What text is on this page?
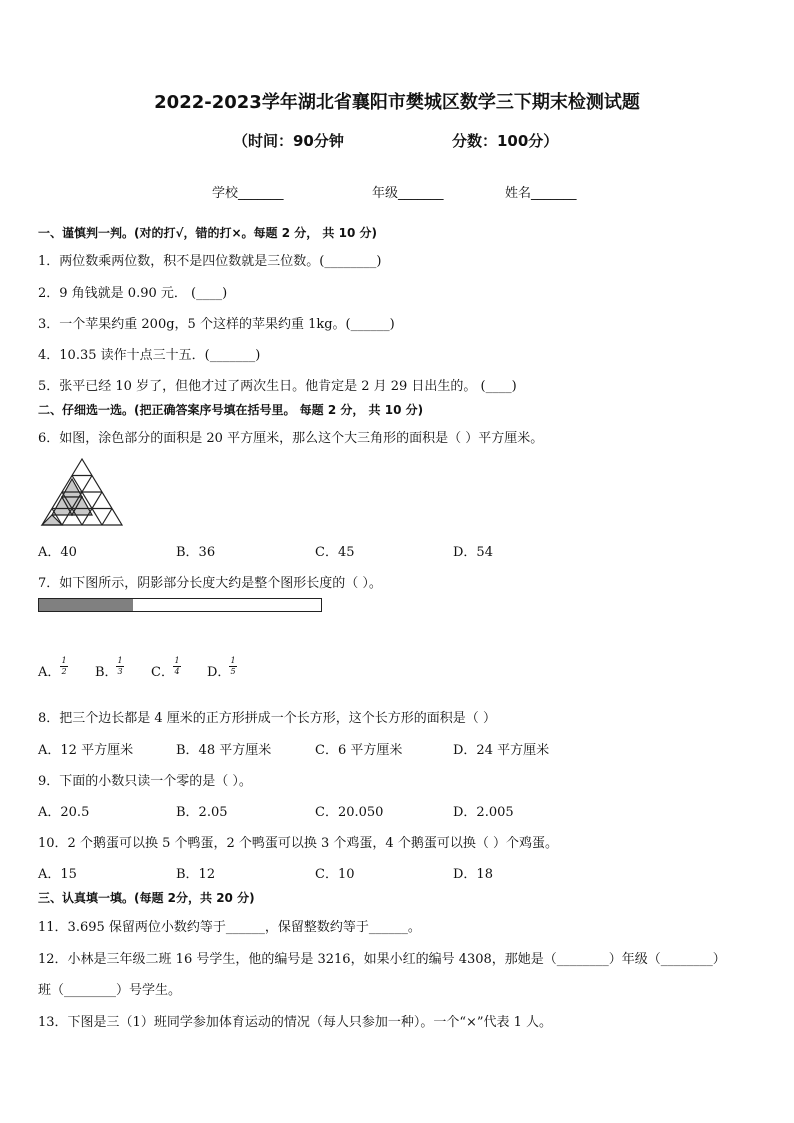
2022-2023学年湖北省襄阳市樊城区数学三下期末检测试题
（时间：90分钟	分数：100分）
学校_______	年级_______	姓名_______
一、谨慎判一判。(对的打√，错的打×。每题 2 分， 共 10 分)
1．两位数乘两位数，积不是四位数就是三位数。(________)
2．9 角钱就是 0.90 元． (____)
3．一个苹果约重 200g，5 个这样的苹果约重 1kg。(______)
4．10.35 读作十点三十五．(_______)
5．张平已经 10 岁了，但他才过了两次生日。他肯定是 2 月 29 日出生的。 (____)
二、仔细选一选。(把正确答案序号填在括号里。 每题 2 分， 共 10 分)
6．如图，涂色部分的面积是 20 平方厘米，那么这个大三角形的面积是（ ）平方厘米。
A．40	B．36	C．45	D．54
7．如下图所示，阴影部分长度大约是整个图形长度的（ ）。
A．
1
2 B．
1
3 C．
1
4 D．
1
5
8．把三个边长都是 4 厘米的正方形拼成一个长方形，这个长方形的面积是（ ）
A．12 平方厘米	B．48 平方厘米	C．6 平方厘米	D．24 平方厘米
9．下面的小数只读一个零的是（ ）。
A．20.5	B．2.05	C．20.050	D．2.005
10．2 个鹅蛋可以换 5 个鸭蛋，2 个鸭蛋可以换 3 个鸡蛋，4 个鹅蛋可以换（ ）个鸡蛋。
A．15	B．12	C．10	D．18
三、认真填一填。(每题 2分，共 20 分)
11．3.695 保留两位小数约等于______，保留整数约等于______。
12．小林是三年级二班 16 号学生，他的编号是 3216，如果小红的编号 4308，那她是（________）年级（________）
班（________）号学生。
13．下图是三（1）班同学参加体育运动的情况（每人只参加一种）。一个“×”代表 1 人。
